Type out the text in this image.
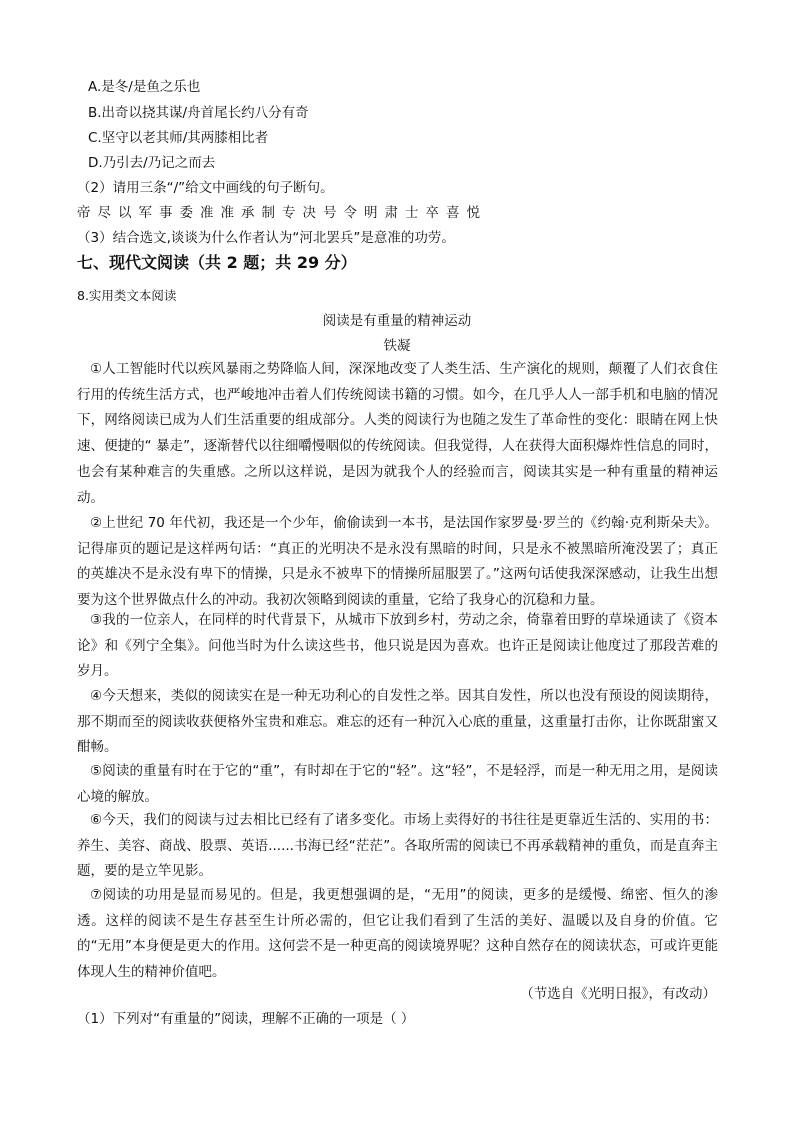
A.是冬/是鱼之乐也
B.出奇以挠其谋/舟首尾长约八分有奇
C.坚守以老其师/其两膝相比者
D.乃引去/乃记之而去
（2）请用三条“/”给文中画线的句子断句。
帝尽以军事委准准承制专决号令明肃士卒喜悦
（3）结合选文,谈谈为什么作者认为“河北罢兵”是意准的功劳。
七、现代文阅读（共 2 题；共 29 分）
8.实用类文本阅读
阅读是有重量的精神运动
铁凝
①人工智能时代以疾风暴雨之势降临人间，深深地改变了人类生活、生产演化的规则，颠覆了人们衣食住行用的传统生活方式，也严峻地冲击着人们传统阅读书籍的习惯。如今，在几乎人人一部手机和电脑的情况下，网络阅读已成为人们生活重要的组成部分。人类的阅读行为也随之发生了革命性的变化：眼睛在网上快速、便捷的“ 暴走”，逐渐替代以往细嚼慢咽似的传统阅读。但我觉得，人在获得大面积爆炸性信息的同时，也会有某种难言的失重感。之所以这样说，是因为就我个人的经验而言，阅读其实是一种有重量的精神运动。
②上世纪 70 年代初，我还是一个少年，偷偷读到一本书，是法国作家罗曼·罗兰的《约翰·克利斯朵夫》。记得扉页的题记是这样两句话：“真正的光明决不是永没有黑暗的时间，只是永不被黑暗所淹没罢了；真正的英雄决不是永没有卑下的情操，只是永不被卑下的情操所屈服罢了。”这两句话使我深深感动，让我生出想要为这个世界做点什么的冲动。我初次领略到阅读的重量，它给了我身心的沉稳和力量。
③我的一位亲人，在同样的时代背景下，从城市下放到乡村，劳动之余，倚靠着田野的草垛通读了《资本论》和《列宁全集》。问他当时为什么读这些书，他只说是因为喜欢。也许正是阅读让他度过了那段苦难的岁月。
④今天想来，类似的阅读实在是一种无功利心的自发性之举。因其自发性，所以也没有预设的阅读期待，那不期而至的阅读收获便格外宝贵和难忘。难忘的还有一种沉入心底的重量，这重量打击你，让你既甜蜜又酣畅。
⑤阅读的重量有时在于它的“重”，有时却在于它的“轻”。这“轻”，不是轻浮，而是一种无用之用，是阅读心境的解放。
⑥今天，我们的阅读与过去相比已经有了诸多变化。市场上卖得好的书往往是更靠近生活的、实用的书：养生、美容、商战、股票、英语......书海已经“茫茫”。各取所需的阅读已不再承载精神的重负，而是直奔主题，要的是立竿见影。
⑦阅读的功用是显而易见的。但是，我更想强调的是，“无用”的阅读，更多的是缓慢、绵密、恒久的渗透。这样的阅读不是生存甚至生计所必需的，但它让我们看到了生活的美好、温暖以及自身的价值。它的“无用”本身便是更大的作用。这何尝不是一种更高的阅读境界呢？这种自然存在的阅读状态，可或许更能体现人生的精神价值吧。
（节选自《光明日报》，有改动）
（1）下列对“有重量的”阅读，理解不正确的一项是（ ）
